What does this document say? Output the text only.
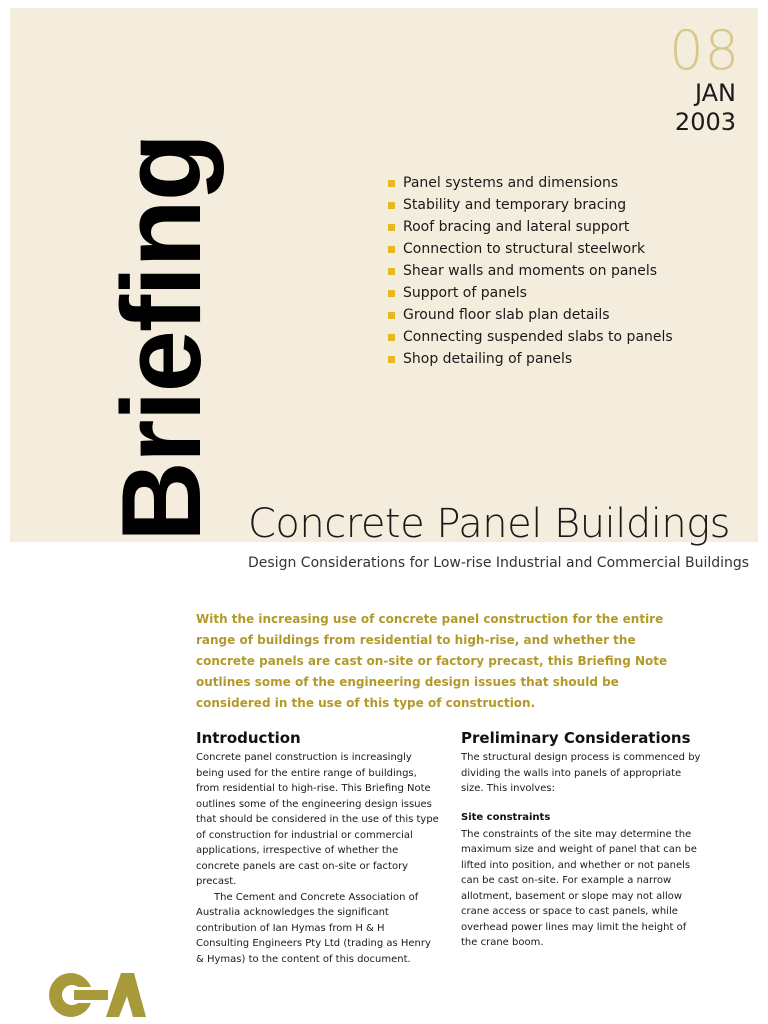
08
JAN
2003
Briefing	Panel systems and dimensions
Stability and temporary bracing
Roof bracing and lateral support
Connection to structural steelwork
Shear walls and moments on panels
Support of panels
Ground floor slab plan details
Connecting suspended slabs to panels
Shop detailing of panels
Concrete Panel Buildings
Design Considerations for Low-rise Industrial and Commercial Buildings
With the increasing use of concrete panel construction for the entire range of buildings from residential to high-rise, and whether the concrete panels are cast on-site or factory precast, this Briefing Note outlines some of the engineering design issues that should be considered in the use of this type of construction.
Introduction

Concrete panel construction is increasingly being used for the entire range of buildings, from residential to high-rise. This Briefing Note outlines some of the engineering design issues that should be considered in the use of this type of construction for industrial or commercial applications, irrespective of whether the concrete panels are cast on-site or factory precast.

The Cement and Concrete Association of Australia acknowledges the significant contribution of Ian Hymas from H & H Consulting Engineers Pty Ltd (trading as Henry & Hymas) to the content of this document.

Preliminary Considerations

The structural design process is commenced by dividing the walls into panels of appropriate size. This involves:

Site constraints

The constraints of the site may determine the maximum size and weight of panel that can be lifted into position, and whether or not panels can be cast on-site. For example a narrow allotment, basement or slope may not allow crane access or space to cast panels, while overhead power lines may limit the height of the crane boom.
